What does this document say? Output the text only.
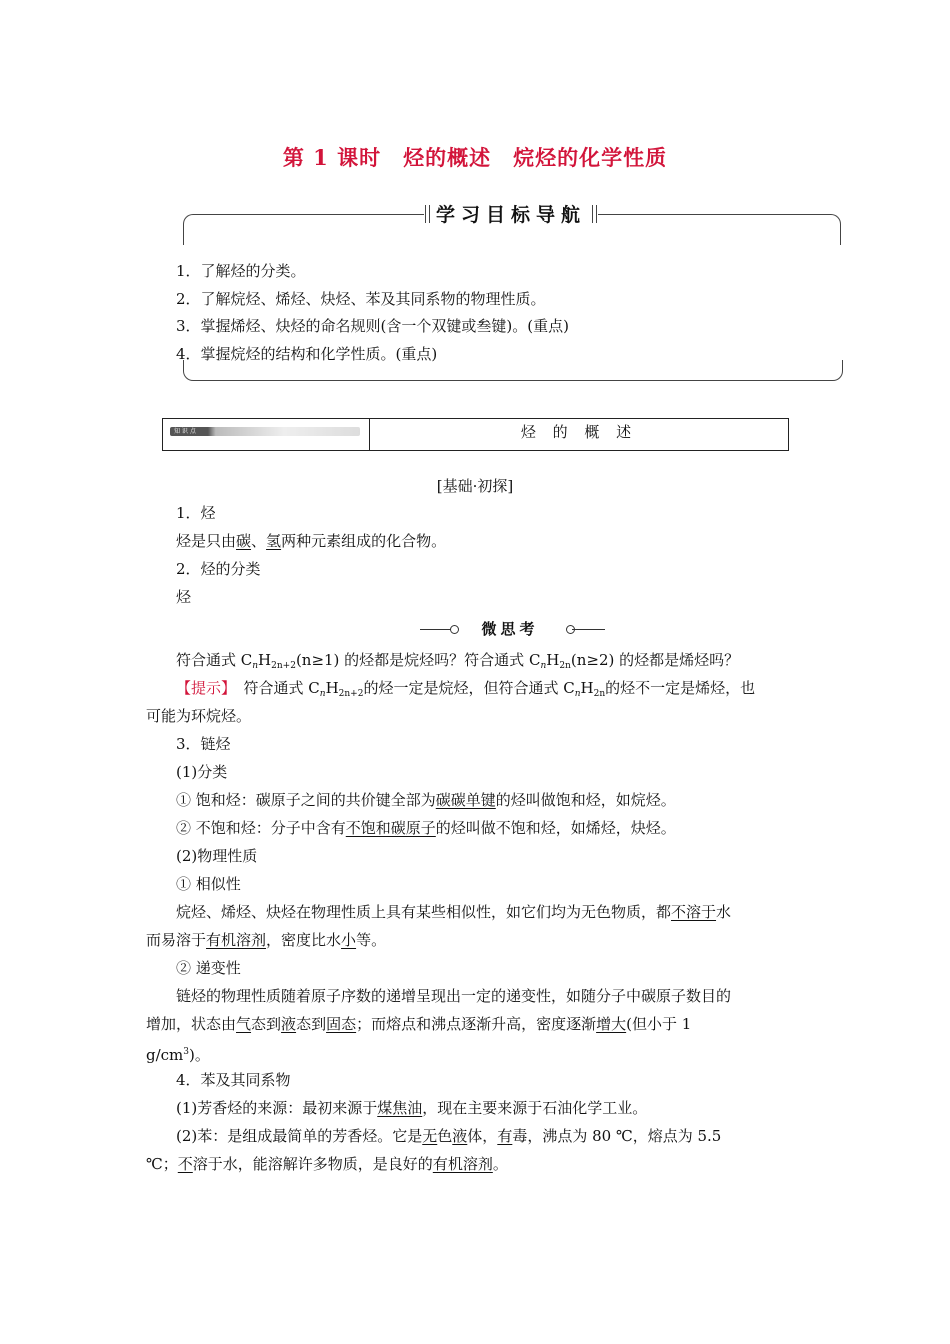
第 1 课时　烃的概述　烷烃的化学性质
学习目标导航
1．了解烃的分类。
2．了解烷烃、烯烃、炔烃、苯及其同系物的物理性质。
3．掌握烯烃、炔烃的命名规则(含一个双键或叁键)。(重点)
4．掌握烷烃的结构和化学性质。(重点)
知 识 点	烃 的 概 述
[基础·初探]
1．烃
烃是只由碳、氢两种元素组成的化合物。
2．烃的分类
烃
微思考
符合通式 $C_nH_{2n+2}(n\ge 1)$ 的烃都是烷烃吗？符合通式 $C_nH_{2n}(n\ge 2)$ 的烃都是烯烃吗？
【提示】　符合通式 $C_nH_{2n+2}$的烃一定是烷烃，但符合通式 $C_nH_{2n}$的烃不一定是烯烃，也
可能为环烷烃。
3．链烃
(1)分类
① 饱和烃：碳原子之间的共价键全部为碳碳单键的烃叫做饱和烃，如烷烃。
② 不饱和烃：分子中含有不饱和碳原子的烃叫做不饱和烃，如烯烃，炔烃。
(2)物理性质
① 相似性
烷烃、烯烃、炔烃在物理性质上具有某些相似性，如它们均为无色物质，都不溶于水
而易溶于有机溶剂，密度比水小等。
② 递变性
链烃的物理性质随着原子序数的递增呈现出一定的递变性，如随分子中碳原子数目的
增加，状态由气态到液态到固态；而熔点和沸点逐渐升高，密度逐渐增大(但小于 1
$g/cm^3$)。
4．苯及其同系物
(1)芳香烃的来源：最初来源于煤焦油，现在主要来源于石油化学工业。
(2)苯：是组成最简单的芳香烃。它是无色液体，有毒，沸点为 80 ℃，熔点为 5.5
℃；不溶于水，能溶解许多物质，是良好的有机溶剂。
